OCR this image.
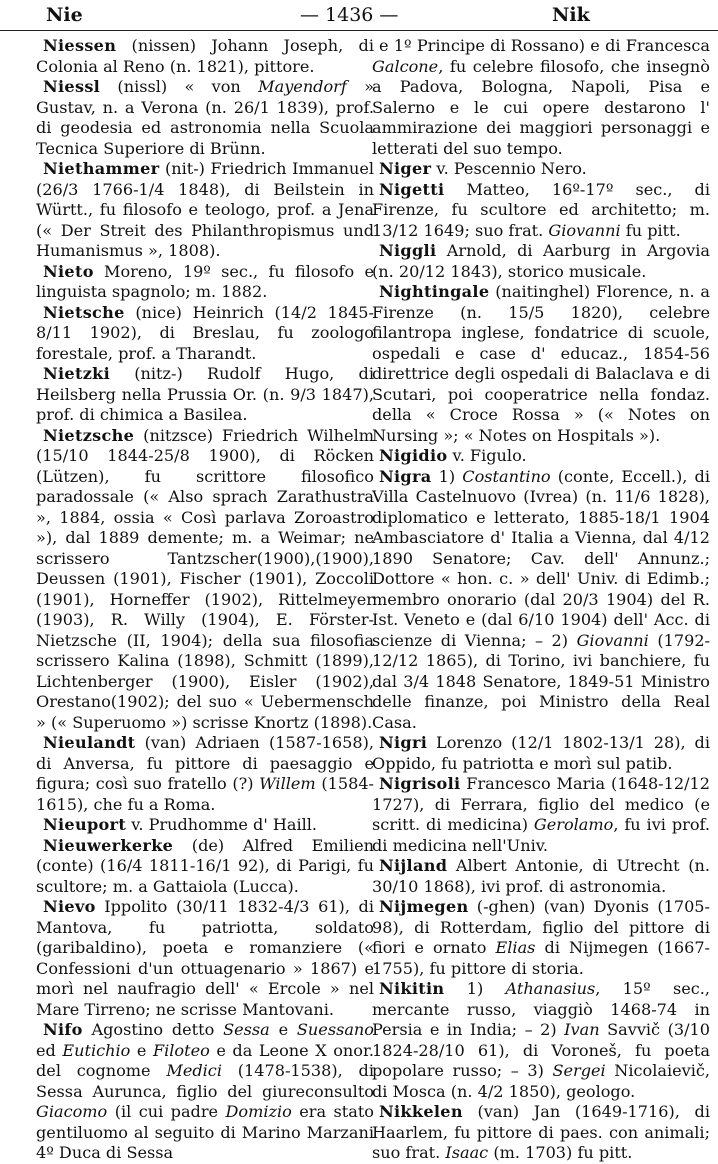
Nie	— 1436 —	Nik

Niessen (nissen) Johann Joseph, di Colonia al Reno (n. 1821), pittore.

Niessl (nissl) « von Mayendorf » Gustav, n. a Verona (n. 26/1 1839), prof. di geodesia ed astronomia nella Scuola Tecnica Superiore di Brünn.

Niethammer (nit-) Friedrich Immanuel (26/3 1766-1/4 1848), di Beilstein in Württ., fu filosofo e teologo, prof. a Jena (« Der Streit des Philanthropismus und Humanismus », 1808).

Nieto Moreno, 19º sec., fu filosofo e linguista spagnolo; m. 1882.

Nietsche (nice) Heinrich (14/2 1845-8/11 1902), di Breslau, fu zoologo forestale, prof. a Tharandt.

Nietzki (nitz-) Rudolf Hugo, di Heilsberg nella Prussia Or. (n. 9/3 1847), prof. di chimica a Basilea.

Nietzsche (nitzsce) Friedrich Wilhelm (15/10 1844-25/8 1900), di Röcken (Lützen), fu scrittore filosofico paradossale (« Also sprach Zarathustra », 1884, ossia « Così parlava Zoroastro »), dal 1889 demente; m. a Weimar; ne scrissero Tantzscher(1900),(1900), Deussen (1901), Fischer (1901), Zoccoli (1901), Horneffer (1902), Rittelmeyer (1903), R. Willy (1904), E. Förster-Nietzsche (II, 1904); della sua filosofia scrissero Kalina (1898), Schmitt (1899), Lichtenberger (1900), Eisler (1902), Orestano(1902); del suo « Uebermensch » (« Superuomo ») scrisse Knortz (1898).

Nieulandt (van) Adriaen (1587-1658), di Anversa, fu pittore di paesaggio e figura; così suo fratello (?) Willem (1584-1615), che fu a Roma.

Nieuport v. Prudhomme d' Haill.

Nieuwerkerke (de) Alfred Emilien (conte) (16/4 1811-16/1 92), di Parigi, fu scultore; m. a Gattaiola (Lucca).

Nievo Ippolito (30/11 1832-4/3 61), di Mantova, fu patriotta, soldato (garibaldino), poeta e romanziere (« Confessioni d'un ottuagenario » 1867) e morì nel naufragio dell' « Ercole » nel Mare Tirreno; ne scrisse Mantovani.

Nifo Agostino detto Sessa e Suessano ed Eutichio e Filoteo e da Leone X onor. del cognome Medici (1478-1538), di Sessa Aurunca, figlio del giureconsulto Giacomo (il cui padre Domizio era stato gentiluomo al seguito di Marino Marzani 4º Duca di Sessa

e 1º Principe di Rossano) e di Francesca Galcone, fu celebre filosofo, che insegnò a Padova, Bologna, Napoli, Pisa e Salerno e le cui opere destarono l' ammirazione dei maggiori personaggi e letterati del suo tempo.

Niger v. Pescennio Nero.

Nigetti Matteo, 16º-17º sec., di Firenze, fu scultore ed architetto; m. 13/12 1649; suo frat. Giovanni fu pitt.

Niggli Arnold, di Aarburg in Argovia (n. 20/12 1843), storico musicale.

Nightingale (naitinghel) Florence, n. a Firenze (n. 15/5 1820), celebre filantropa inglese, fondatrice di scuole, ospedali e case d' educaz., 1854-56 direttrice degli ospedali di Balaclava e di Scutari, poi cooperatrice nella fondaz. della « Croce Rossa » (« Notes on Nursing »; « Notes on Hospitals »).

Nigidio v. Figulo.

Nigra 1) Costantino (conte, Eccell.), di Villa Castelnuovo (Ivrea) (n. 11/6 1828), diplomatico e letterato, 1885-18/1 1904 Ambasciatore d' Italia a Vienna, dal 4/12 1890 Senatore; Cav. dell' Annunz.; Dottore « hon. c. » dell' Univ. di Edimb.; membro onorario (dal 20/3 1904) del R. Ist. Veneto e (dal 6/10 1904) dell' Acc. di scienze di Vienna; – 2) Giovanni (1792-12/12 1865), di Torino, ivi banchiere, fu dal 3/4 1848 Senatore, 1849-51 Ministro delle finanze, poi Ministro della Real Casa.

Nigri Lorenzo (12/1 1802-13/1 28), di Oppido, fu patriotta e morì sul patib.

Nigrisoli Francesco Maria (1648-12/12 1727), di Ferrara, figlio del medico (e scritt. di medicina) Gerolamo, fu ivi prof. di medicina nell'Univ.

Nijland Albert Antonie, di Utrecht (n. 30/10 1868), ivi prof. di astronomia.

Nijmegen (-ghen) (van) Dyonis (1705-98), di Rotterdam, figlio del pittore di fiori e ornato Elias di Nijmegen (1667-1755), fu pittore di storia.

Nikitin 1) Athanasius, 15º sec., mercante russo, viaggiò 1468-74 in Persia e in India; – 2) Ivan Savvič (3/10 1824-28/10 61), di Voroneš, fu poeta popolare russo; – 3) Sergei Nicolaievič, di Mosca (n. 4/2 1850), geologo.

Nikkelen (van) Jan (1649-1716), di Haarlem, fu pittore di paes. con animali; suo frat. Isaac (m. 1703) fu pitt.
